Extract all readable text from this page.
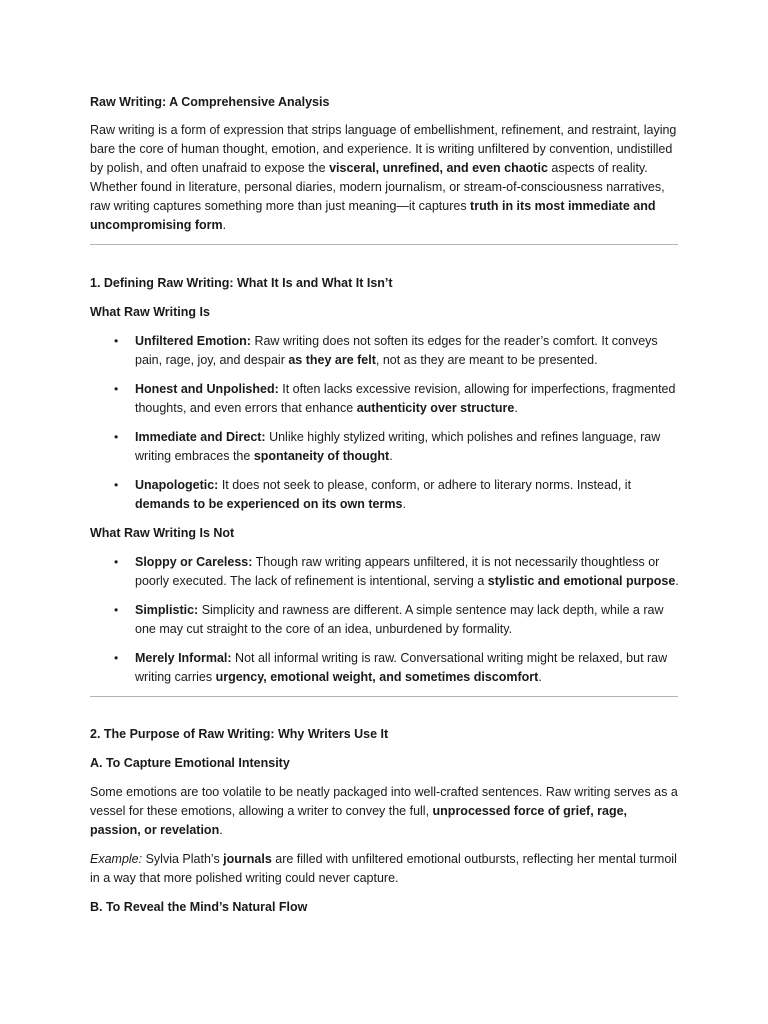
Raw Writing: A Comprehensive Analysis

Raw writing is a form of expression that strips language of embellishment, refinement, and restraint, laying bare the core of human thought, emotion, and experience. It is writing unfiltered by convention, undistilled by polish, and often unafraid to expose the visceral, unrefined, and even chaotic aspects of reality. Whether found in literature, personal diaries, modern journalism, or stream-of-consciousness narratives, raw writing captures something more than just meaning—it captures truth in its most immediate and uncompromising form.

1. Defining Raw Writing: What It Is and What It Isn’t
What Raw Writing Is
• Unfiltered Emotion: Raw writing does not soften its edges for the reader’s comfort. It conveys pain, rage, joy, and despair as they are felt, not as they are meant to be presented.
• Honest and Unpolished: It often lacks excessive revision, allowing for imperfections, fragmented thoughts, and even errors that enhance authenticity over structure.
• Immediate and Direct: Unlike highly stylized writing, which polishes and refines language, raw writing embraces the spontaneity of thought.
• Unapologetic: It does not seek to please, conform, or adhere to literary norms. Instead, it demands to be experienced on its own terms.
What Raw Writing Is Not
• Sloppy or Careless: Though raw writing appears unfiltered, it is not necessarily thoughtless or poorly executed. The lack of refinement is intentional, serving a stylistic and emotional purpose.
• Simplistic: Simplicity and rawness are different. A simple sentence may lack depth, while a raw one may cut straight to the core of an idea, unburdened by formality.
• Merely Informal: Not all informal writing is raw. Conversational writing might be relaxed, but raw writing carries urgency, emotional weight, and sometimes discomfort.
2. The Purpose of Raw Writing: Why Writers Use It
A. To Capture Emotional Intensity

Some emotions are too volatile to be neatly packaged into well-crafted sentences. Raw writing serves as a vessel for these emotions, allowing a writer to convey the full, unprocessed force of grief, rage, passion, or revelation.

Example: Sylvia Plath’s journals are filled with unfiltered emotional outbursts, reflecting her mental turmoil in a way that more polished writing could never capture.

B. To Reveal the Mind’s Natural Flow
